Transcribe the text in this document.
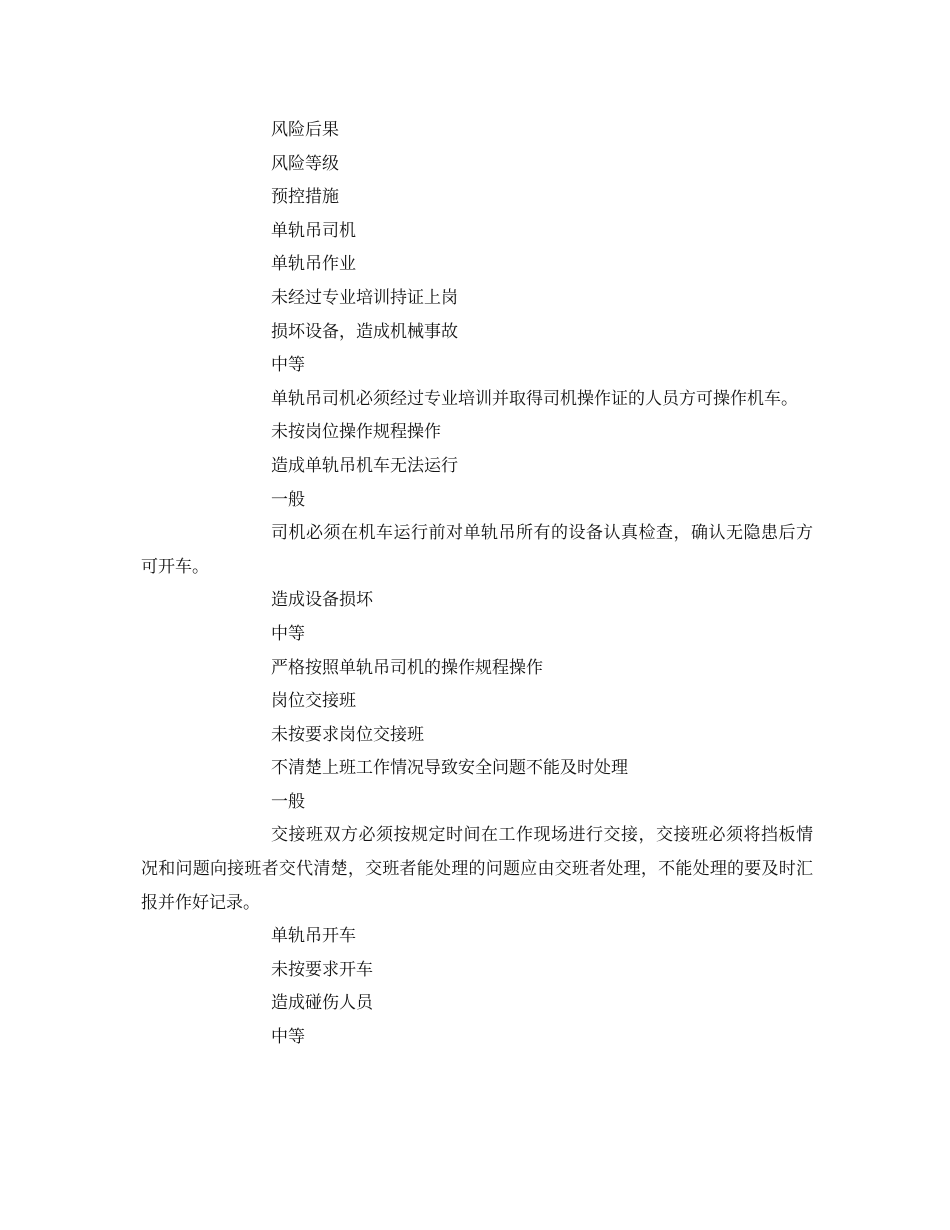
风险后果

风险等级

预控措施

单轨吊司机

单轨吊作业

未经过专业培训持证上岗

损坏设备，造成机械事故

中等

单轨吊司机必须经过专业培训并取得司机操作证的人员方可操作机车。

未按岗位操作规程操作

造成单轨吊机车无法运行

一般

司机必须在机车运行前对单轨吊所有的设备认真检查，确认无隐患后方可开车。

造成设备损坏

中等

严格按照单轨吊司机的操作规程操作

岗位交接班

未按要求岗位交接班

不清楚上班工作情况导致安全问题不能及时处理

一般

交接班双方必须按规定时间在工作现场进行交接，交接班必须将挡板情况和问题向接班者交代清楚，交班者能处理的问题应由交班者处理，不能处理的要及时汇报并作好记录。

单轨吊开车

未按要求开车

造成碰伤人员

中等
